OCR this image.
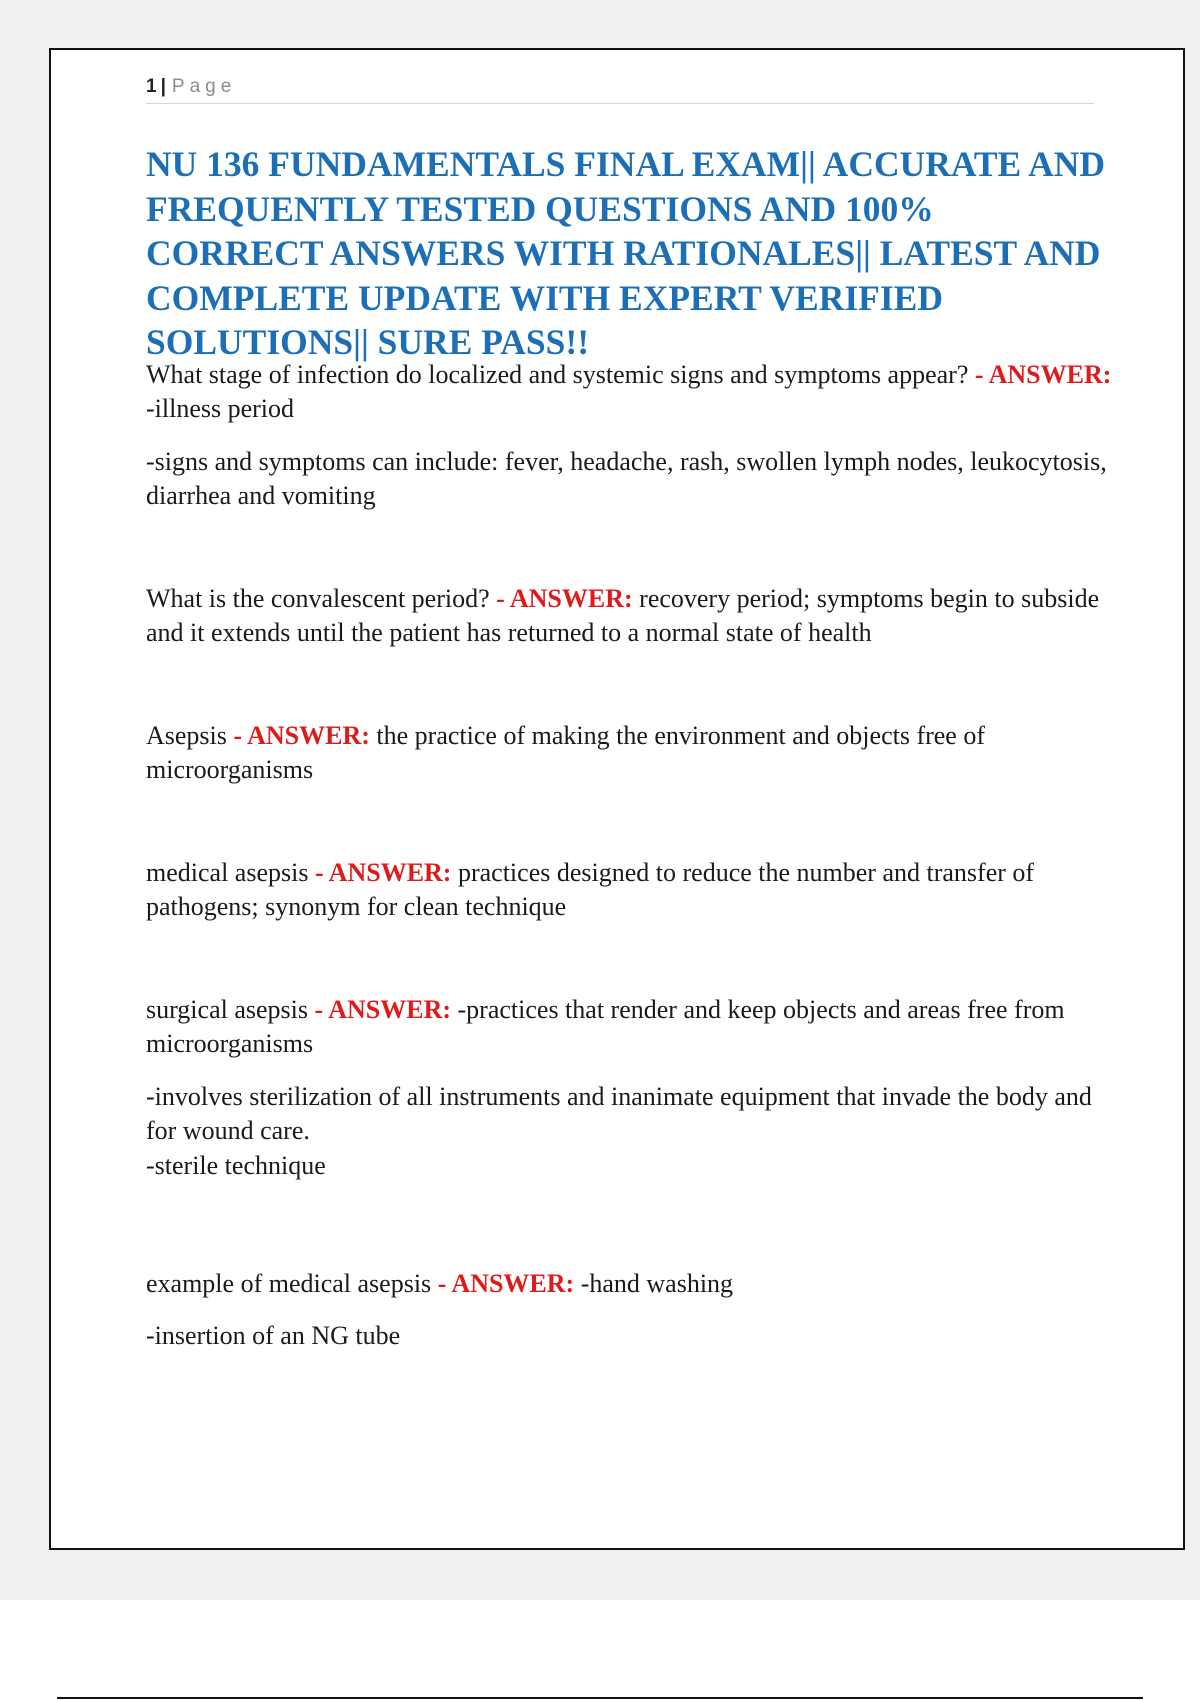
1 | Page
NU 136 FUNDAMENTALS FINAL EXAM|| ACCURATE AND FREQUENTLY TESTED QUESTIONS AND 100% CORRECT ANSWERS WITH RATIONALES|| LATEST AND COMPLETE UPDATE WITH EXPERT VERIFIED SOLUTIONS|| SURE PASS!!

What stage of infection do localized and systemic signs and symptoms appear? - ANSWER: -illness period

-signs and symptoms can include: fever, headache, rash, swollen lymph nodes, leukocytosis, diarrhea and vomiting

What is the convalescent period? - ANSWER: recovery period; symptoms begin to subside and it extends until the patient has returned to a normal state of health

Asepsis - ANSWER: the practice of making the environment and objects free of microorganisms

medical asepsis - ANSWER: practices designed to reduce the number and transfer of pathogens; synonym for clean technique

surgical asepsis - ANSWER: -practices that render and keep objects and areas free from microorganisms

-involves sterilization of all instruments and inanimate equipment that invade the body and for wound care.

-sterile technique

example of medical asepsis - ANSWER: -hand washing

-insertion of an NG tube
